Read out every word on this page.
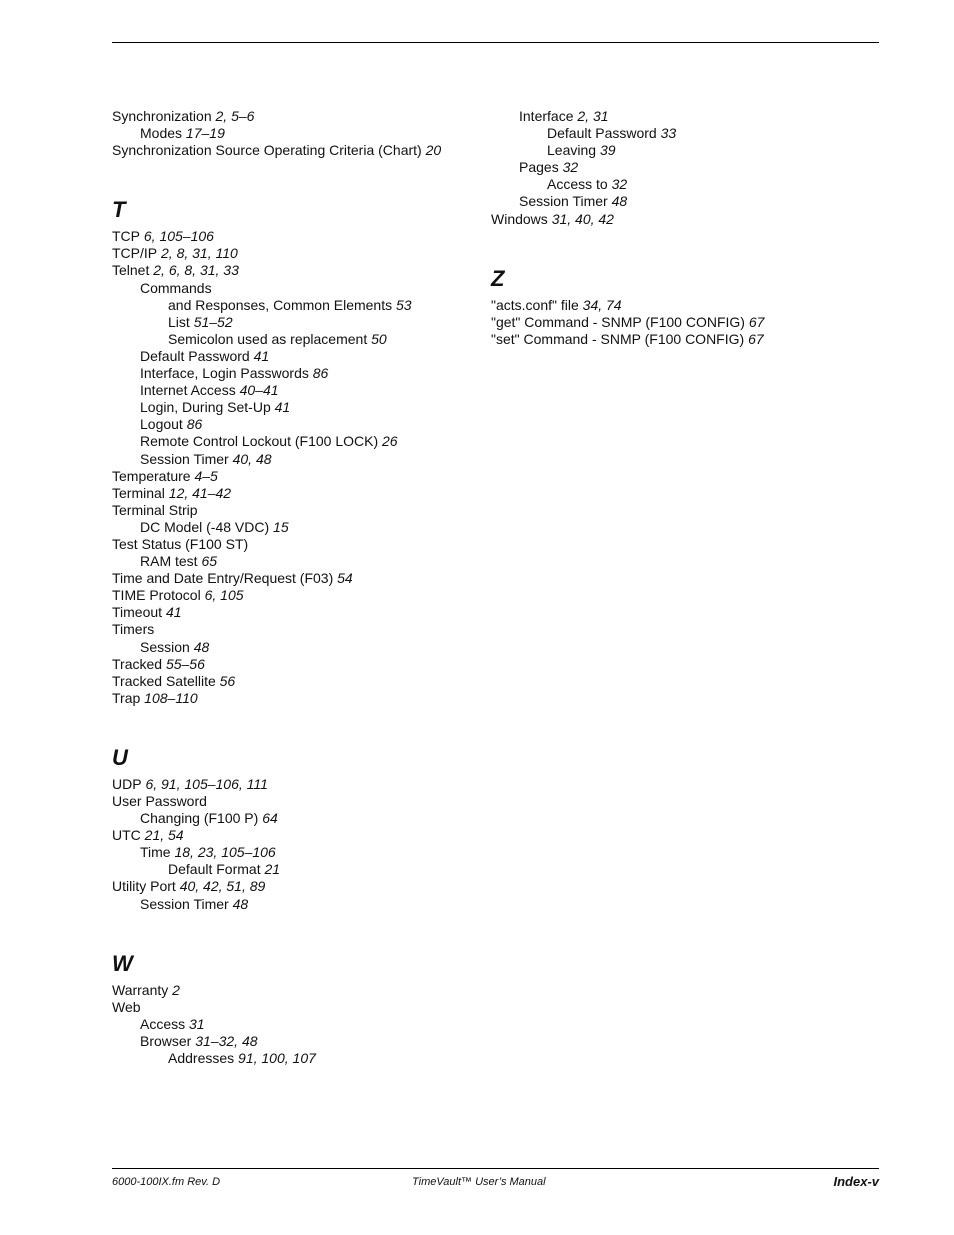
Synchronization 2, 5–6
Modes 17–19
Synchronization Source Operating Criteria (Chart) 20
T
TCP 6, 105–106
TCP/IP 2, 8, 31, 110
Telnet 2, 6, 8, 31, 33
Commands
and Responses, Common Elements 53
List 51–52
Semicolon used as replacement 50
Default Password 41
Interface, Login Passwords 86
Internet Access 40–41
Login, During Set-Up 41
Logout 86
Remote Control Lockout (F100 LOCK) 26
Session Timer 40, 48
Temperature 4–5
Terminal 12, 41–42
Terminal Strip
DC Model (-48 VDC) 15
Test Status (F100 ST)
RAM test 65
Time and Date Entry/Request (F03) 54
TIME Protocol 6, 105
Timeout 41
Timers
Session 48
Tracked 55–56
Tracked Satellite 56
Trap 108–110
U
UDP 6, 91, 105–106, 111
User Password
Changing (F100 P) 64
UTC 21, 54
Time 18, 23, 105–106
Default Format 21
Utility Port 40, 42, 51, 89
Session Timer 48
W
Warranty 2
Web
Access 31
Browser 31–32, 48
Addresses 91, 100, 107
Interface 2, 31
Default Password 33
Leaving 39
Pages 32
Access to 32
Session Timer 48
Windows 31, 40, 42
Z
"acts.conf" file 34, 74
"get" Command - SNMP (F100 CONFIG) 67
"set" Command - SNMP (F100 CONFIG) 67
6000-100IX.fm Rev. D	TimeVault™ User’s Manual	Index-v
